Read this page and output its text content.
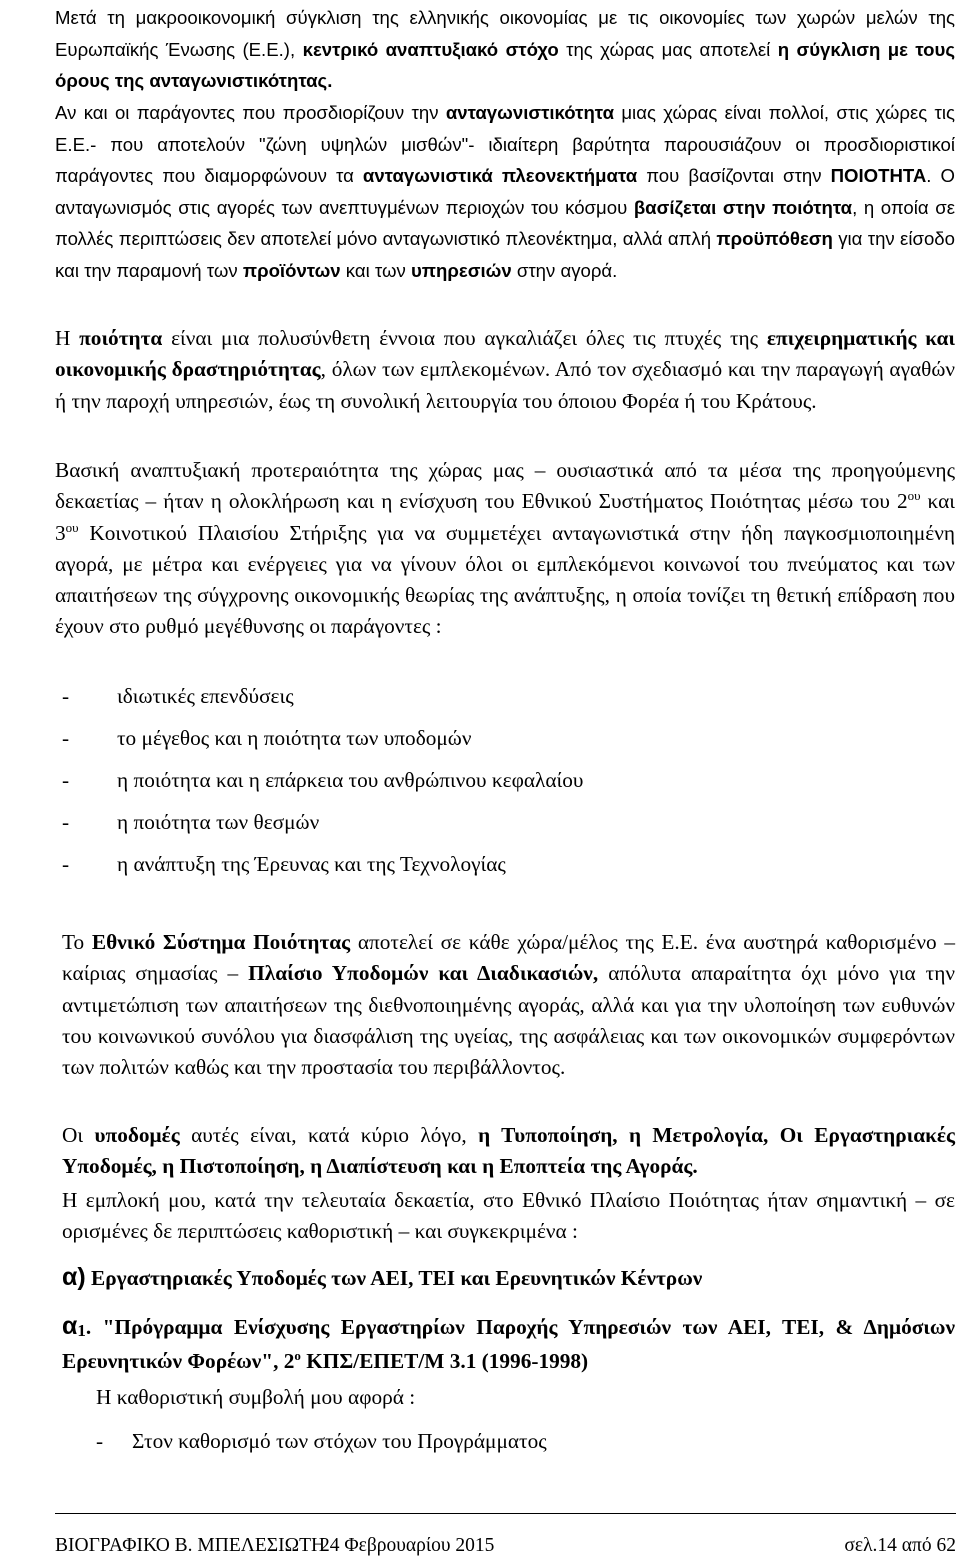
Μετά τη μακροοικονομική σύγκλιση της ελληνικής οικονομίας με τις οικονομίες των χωρών μελών της Ευρωπαϊκής Ένωσης (Ε.Ε.), κεντρικό αναπτυξιακό στόχο της χώρας μας αποτελεί η σύγκλιση με τους όρους της ανταγωνιστικότητας.

Αν και οι παράγοντες που προσδιορίζουν την ανταγωνιστικότητα μιας χώρας είναι πολλοί, στις χώρες τις Ε.Ε.- που αποτελούν "ζώνη υψηλών μισθών"- ιδιαίτερη βαρύτητα παρουσιάζουν οι προσδιοριστικοί παράγοντες που διαμορφώνουν τα ανταγωνιστικά πλεονεκτήματα που βασίζονται στην ΠΟΙΟΤΗΤΑ. Ο ανταγωνισμός στις αγορές των ανεπτυγμένων περιοχών του κόσμου βασίζεται στην ποιότητα, η οποία σε πολλές περιπτώσεις δεν αποτελεί μόνο ανταγωνιστικό πλεονέκτημα, αλλά απλή προϋπόθεση για την είσοδο και την παραμονή των προϊόντων και των υπηρεσιών στην αγορά.

Η ποιότητα είναι μια πολυσύνθετη έννοια που αγκαλιάζει όλες τις πτυχές της επιχειρηματικής και οικονομικής δραστηριότητας, όλων των εμπλεκομένων. Από τον σχεδιασμό και την παραγωγή αγαθών ή την παροχή υπηρεσιών, έως τη συνολική λειτουργία του όποιου Φορέα ή του Κράτους.

Βασική αναπτυξιακή προτεραιότητα της χώρας μας – ουσιαστικά από τα μέσα της προηγούμενης δεκαετίας – ήταν η ολοκλήρωση και η ενίσχυση του Εθνικού Συστήματος Ποιότητας μέσω του $2^{o\upsilon}$ και $3^{o\upsilon}$ Κοινοτικού Πλαισίου Στήριξης για να συμμετέχει ανταγωνιστικά στην ήδη παγκοσμιοποιημένη αγορά, με μέτρα και ενέργειες για να γίνουν όλοι οι εμπλεκόμενοι κοινωνοί του πνεύματος και των απαιτήσεων της σύγχρονης οικονομικής θεωρίας της ανάπτυξης, η οποία τονίζει τη θετική επίδραση που έχουν στο ρυθμό μεγέθυνσης οι παράγοντες :

-	ιδιωτικές επενδύσεις
-	το μέγεθος και η ποιότητα των υποδομών
-	η ποιότητα και η επάρκεια του ανθρώπινου κεφαλαίου
-	η ποιότητα των θεσμών
-	η ανάπτυξη της Έρευνας και της Τεχνολογίας

Το Εθνικό Σύστημα Ποιότητας αποτελεί σε κάθε χώρα/μέλος της Ε.Ε. ένα αυστηρά καθορισμένο – καίριας σημασίας – Πλαίσιο Υποδομών και Διαδικασιών, απόλυτα απαραίτητα όχι μόνο για την αντιμετώπιση των απαιτήσεων της διεθνοποιημένης αγοράς, αλλά και για την υλοποίηση των ευθυνών του κοινωνικού συνόλου για διασφάλιση της υγείας, της ασφάλειας και των οικονομικών συμφερόντων των πολιτών καθώς και την προστασία του περιβάλλοντος.

Οι υποδομές αυτές είναι, κατά κύριο λόγο, η Τυποποίηση, η Μετρολογία, Οι Εργαστηριακές Υποδομές, η Πιστοποίηση, η Διαπίστευση και η Εποπτεία της Αγοράς.

Η εμπλοκή μου, κατά την τελευταία δεκαετία, στο Εθνικό Πλαίσιο Ποιότητας ήταν σημαντική – σε ορισμένες δε περιπτώσεις καθοριστική – και συγκεκριμένα :

α) Εργαστηριακές Υποδομές των ΑΕΙ, ΤΕΙ και Ερευνητικών Κέντρων
$\alpha_1$. "Πρόγραμμα Ενίσχυσης Εργαστηρίων Παροχής Υπηρεσιών των ΑΕΙ, ΤΕΙ, & Δημόσιων Ερευνητικών Φορέων", $2^o$ ΚΠΣ/ΕΠΕΤ/Μ 3.1 (1996-1998)

Η καθοριστική συμβολή μου αφορά :

-	Στον καθορισμό των στόχων του Προγράμματος
ΒΙΟΓΡΑΦΙΚΟ Β. ΜΠΕΛΕΣΙΩΤΗ
24 Φεβρουαρίου 2015	σελ.14 από 62
